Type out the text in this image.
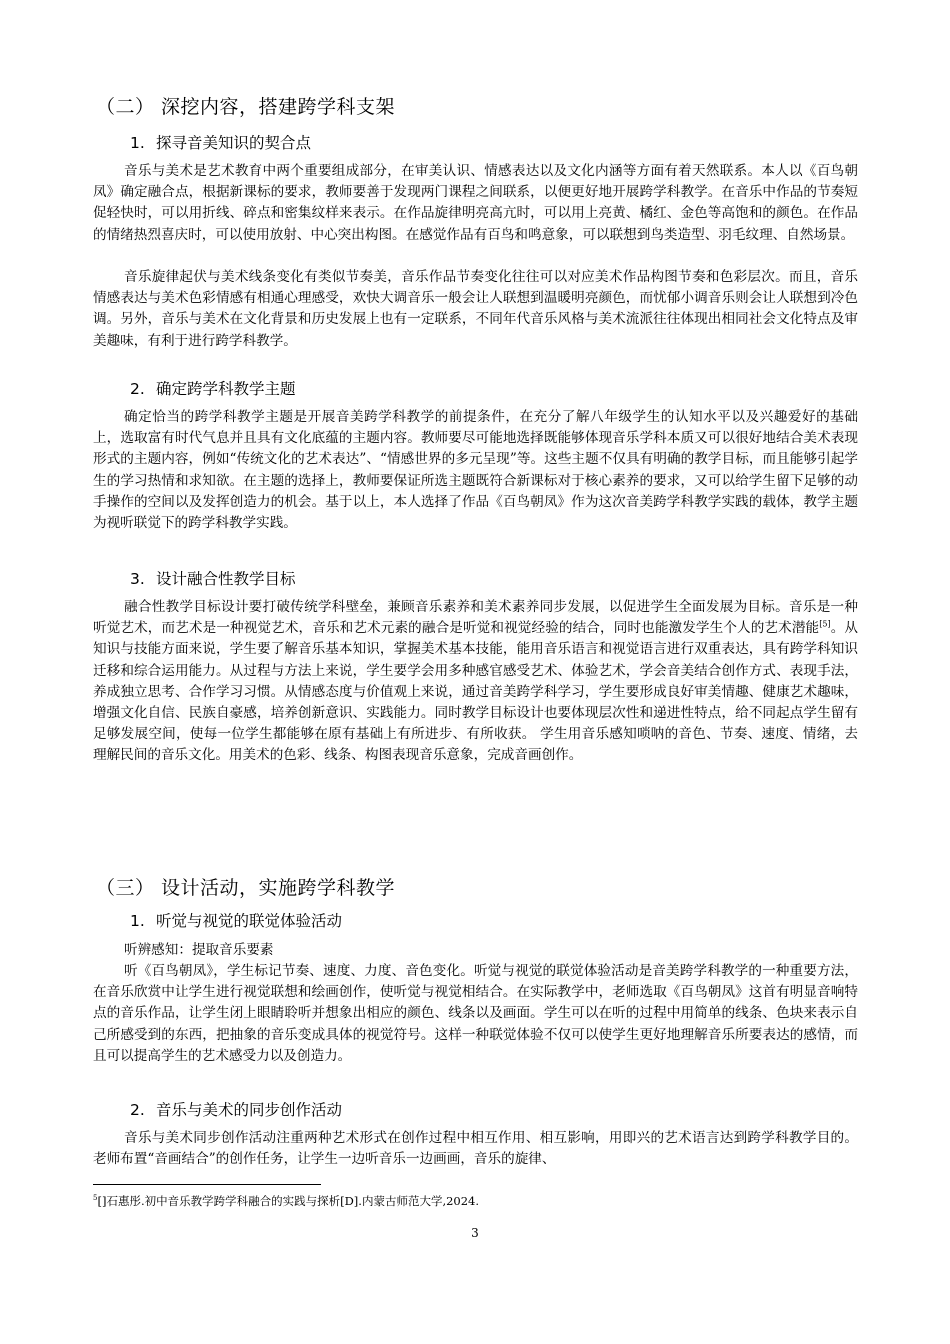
（二） 深挖内容，搭建跨学科支架
1. 探寻音美知识的契合点

音乐与美术是艺术教育中两个重要组成部分，在审美认识、情感表达以及文化内涵等方面有着天然联系。本人以《百鸟朝凤》确定融合点，根据新课标的要求，教师要善于发现两门课程之间联系，以便更好地开展跨学科教学。在音乐中作品的节奏短促轻快时，可以用折线、碎点和密集纹样来表示。在作品旋律明亮高亢时，可以用上亮黄、橘红、金色等高饱和的颜色。在作品的情绪热烈喜庆时，可以使用放射、中心突出构图。在感觉作品有百鸟和鸣意象，可以联想到鸟类造型、羽毛纹理、自然场景。

音乐旋律起伏与美术线条变化有类似节奏美，音乐作品节奏变化往往可以对应美术作品构图节奏和色彩层次。而且，音乐情感表达与美术色彩情感有相通心理感受，欢快大调音乐一般会让人联想到温暖明亮颜色，而忧郁小调音乐则会让人联想到冷色调。另外，音乐与美术在文化背景和历史发展上也有一定联系，不同年代音乐风格与美术流派往往体现出相同社会文化特点及审美趣味，有利于进行跨学科教学。

2. 确定跨学科教学主题

确定恰当的跨学科教学主题是开展音美跨学科教学的前提条件，在充分了解八年级学生的认知水平以及兴趣爱好的基础上，选取富有时代气息并且具有文化底蕴的主题内容。教师要尽可能地选择既能够体现音乐学科本质又可以很好地结合美术表现形式的主题内容，例如“传统文化的艺术表达”、“情感世界的多元呈现”等。这些主题不仅具有明确的教学目标，而且能够引起学生的学习热情和求知欲。在主题的选择上，教师要保证所选主题既符合新课标对于核心素养的要求，又可以给学生留下足够的动手操作的空间以及发挥创造力的机会。基于以上，本人选择了作品《百鸟朝凤》作为这次音美跨学科教学实践的载体，教学主题为视听联觉下的跨学科教学实践。

3. 设计融合性教学目标

融合性教学目标设计要打破传统学科壁垒，兼顾音乐素养和美术素养同步发展，以促进学生全面发展为目标。音乐是一种听觉艺术，而艺术是一种视觉艺术，音乐和艺术元素的融合是听觉和视觉经验的结合，同时也能激发学生个人的艺术潜能[5]。从知识与技能方面来说，学生要了解音乐基本知识，掌握美术基本技能，能用音乐语言和视觉语言进行双重表达，具有跨学科知识迁移和综合运用能力。从过程与方法上来说，学生要学会用多种感官感受艺术、体验艺术，学会音美结合创作方式、表现手法，养成独立思考、合作学习习惯。从情感态度与价值观上来说，通过音美跨学科学习，学生要形成良好审美情趣、健康艺术趣味，增强文化自信、民族自豪感，培养创新意识、实践能力。同时教学目标设计也要体现层次性和递进性特点，给不同起点学生留有足够发展空间，使每一位学生都能够在原有基础上有所进步、有所收获。 学生用音乐感知唢呐的音色、节奏、速度、情绪，去理解民间的音乐文化。用美术的色彩、线条、构图表现音乐意象，完成音画创作。

（三） 设计活动，实施跨学科教学
1. 听觉与视觉的联觉体验活动

听辨感知：提取音乐要素

听《百鸟朝凤》，学生标记节奏、速度、力度、音色变化。听觉与视觉的联觉体验活动是音美跨学科教学的一种重要方法，在音乐欣赏中让学生进行视觉联想和绘画创作，使听觉与视觉相结合。在实际教学中，老师选取《百鸟朝凤》这首有明显音响特点的音乐作品，让学生闭上眼睛聆听并想象出相应的颜色、线条以及画面。学生可以在听的过程中用简单的线条、色块来表示自己所感受到的东西，把抽象的音乐变成具体的视觉符号。这样一种联觉体验不仅可以使学生更好地理解音乐所要表达的感情，而且可以提高学生的艺术感受力以及创造力。

2. 音乐与美术的同步创作活动

音乐与美术同步创作活动注重两种艺术形式在创作过程中相互作用、相互影响，用即兴的艺术语言达到跨学科教学目的。老师布置“音画结合”的创作任务，让学生一边听音乐一边画画，音乐的旋律、

$^5$[]石惠彤.初中音乐教学跨学科融合的实践与探析[D].内蒙古师范大学,2024.
3
